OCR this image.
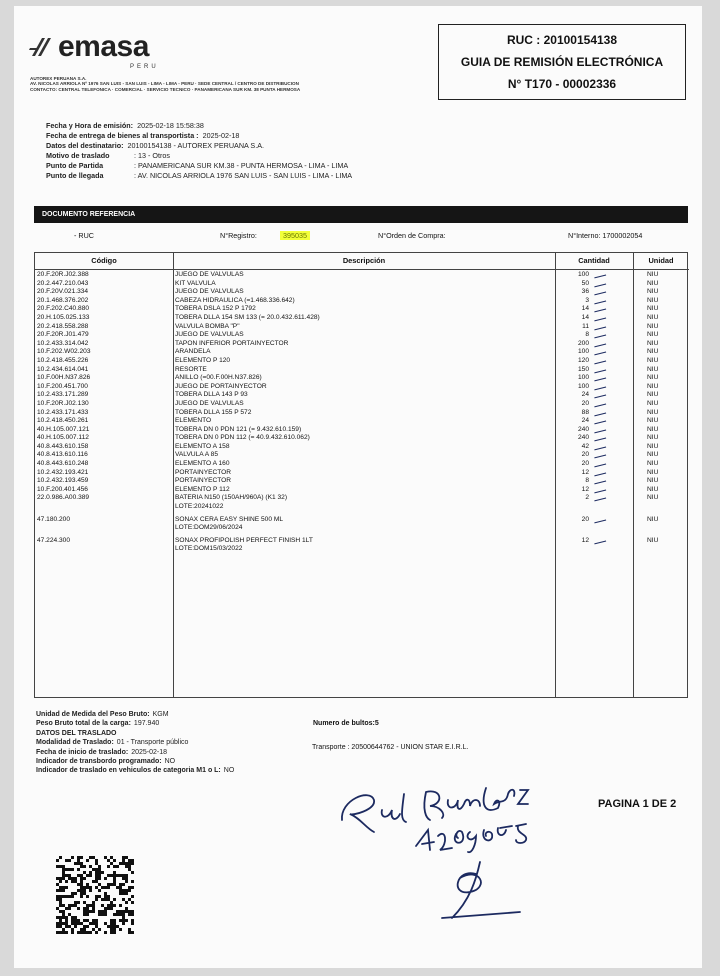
emasa
PERU
AUTOREX PERUANA S.A.
AV. NICOLAS ARRIOLA Nº 1976 SAN LUIS - SAN LUIS - LIMA - LIMA - PERU · SEDE CENTRAL / CENTRO DE DISTRIBUCION
CONTACTO: CENTRAL TELEFONICA · COMERCIAL · SERVICIO TECNICO · PANAMERICANA SUR KM. 38 PUNTA HERMOSA
RUC : 20100154138
GUIA DE REMISIÓN ELECTRÓNICA
N° T170 - 00002336
Fecha y Hora de emisión: 2025-02-18 15:58:38
Fecha de entrega de bienes al transportista : 2025-02-18
Datos del destinatario: 20100154138 - AUTOREX PERUANA S.A.
Motivo de traslado	: 13 - Otros
Punto de Partida	: PANAMERICANA SUR KM.38 - PUNTA HERMOSA - LIMA - LIMA
Punto de llegada	: AV. NICOLAS ARRIOLA 1976 SAN LUIS - SAN LUIS - LIMA - LIMA
DOCUMENTO REFERENCIA
- RUC	N°Registro:	395035	N°Orden de Compra:	N°Interno: 1700002054
Código	Descripción	Cantidad	Unidad
20.F.20R.J02.388	JUEGO DE VALVULAS	100	NIU
20.2.447.210.043	KIT VALVULA	50	NIU
20.F.20V.021.334	JUEGO DE VALVULAS	36	NIU
20.1.468.376.202	CABEZA HIDRAULICA (=1.468.336.642)	3	NIU
20.F.202.C40.880	TOBERA DSLA 152 P 1792	14	NIU
20.H.105.025.133	TOBERA DLLA 154 SM 133 (= 20.0.432.611.428)	14	NIU
20.2.418.558.288	VALVULA BOMBA "P"	11	NIU
20.F.20R.J01.479	JUEGO DE VALVULAS	8	NIU
10.2.433.314.042	TAPON INFERIOR PORTAINYECTOR	200	NIU
10.F.202.W02.203	ARANDELA	100	NIU
10.2.418.455.226	ELEMENTO P 120	120	NIU
10.2.434.614.041	RESORTE	150	NIU
10.F.00H.N37.826	ANILLO (=00.F.00H.N37.826)	100	NIU
10.F.200.451.700	JUEGO DE PORTAINYECTOR	100	NIU
10.2.433.171.289	TOBERA DLLA 143 P 93	24	NIU
10.F.20R.J02.130	JUEGO DE VALVULAS	20	NIU
10.2.433.171.433	TOBERA DLLA 155 P 572	88	NIU
10.2.418.450.261	ELEMENTO	24	NIU
40.H.105.007.121	TOBERA DN 0 PDN 121 (= 9.432.610.159)	240	NIU
40.H.105.007.112	TOBERA DN 0 PDN 112 (= 40.9.432.610.062)	240	NIU
40.8.443.610.158	ELEMENTO A 158	42	NIU
40.8.413.610.116	VALVULA A 85	20	NIU
40.8.443.610.248	ELEMENTO A 160	20	NIU
10.2.432.193.421	PORTAINYECTOR	12	NIU
10.2.432.193.459	PORTAINYECTOR	8	NIU
10.F.200.401.456	ELEMENTO P 112	12	NIU
22.0.986.A00.389	BATERIA N150 (150AH/960A) (K1 32)	2	NIU
LOTE:20241022
47.180.200	SONAX CERA EASY SHINE 500 ML	20	NIU
LOTE:DOM29/06/2024
47.224.300	SONAX PROFIPOLISH PERFECT FINISH 1LT	12	NIU
LOTE:DOM15/03/2022
Unidad de Medida del Peso Bruto: KGM
Peso Bruto total de la carga: 197.940
DATOS DEL TRASLADO
Modalidad de Traslado: 01 - Transporte público
Fecha de inicio de traslado: 2025-02-18
Indicador de transbordo programado: NO
Indicador de traslado en vehiculos de categoria M1 o L: NO
Numero de bultos:5
Transporte : 20500644762 - UNION STAR E.I.R.L.
PAGINA 1 DE 2
